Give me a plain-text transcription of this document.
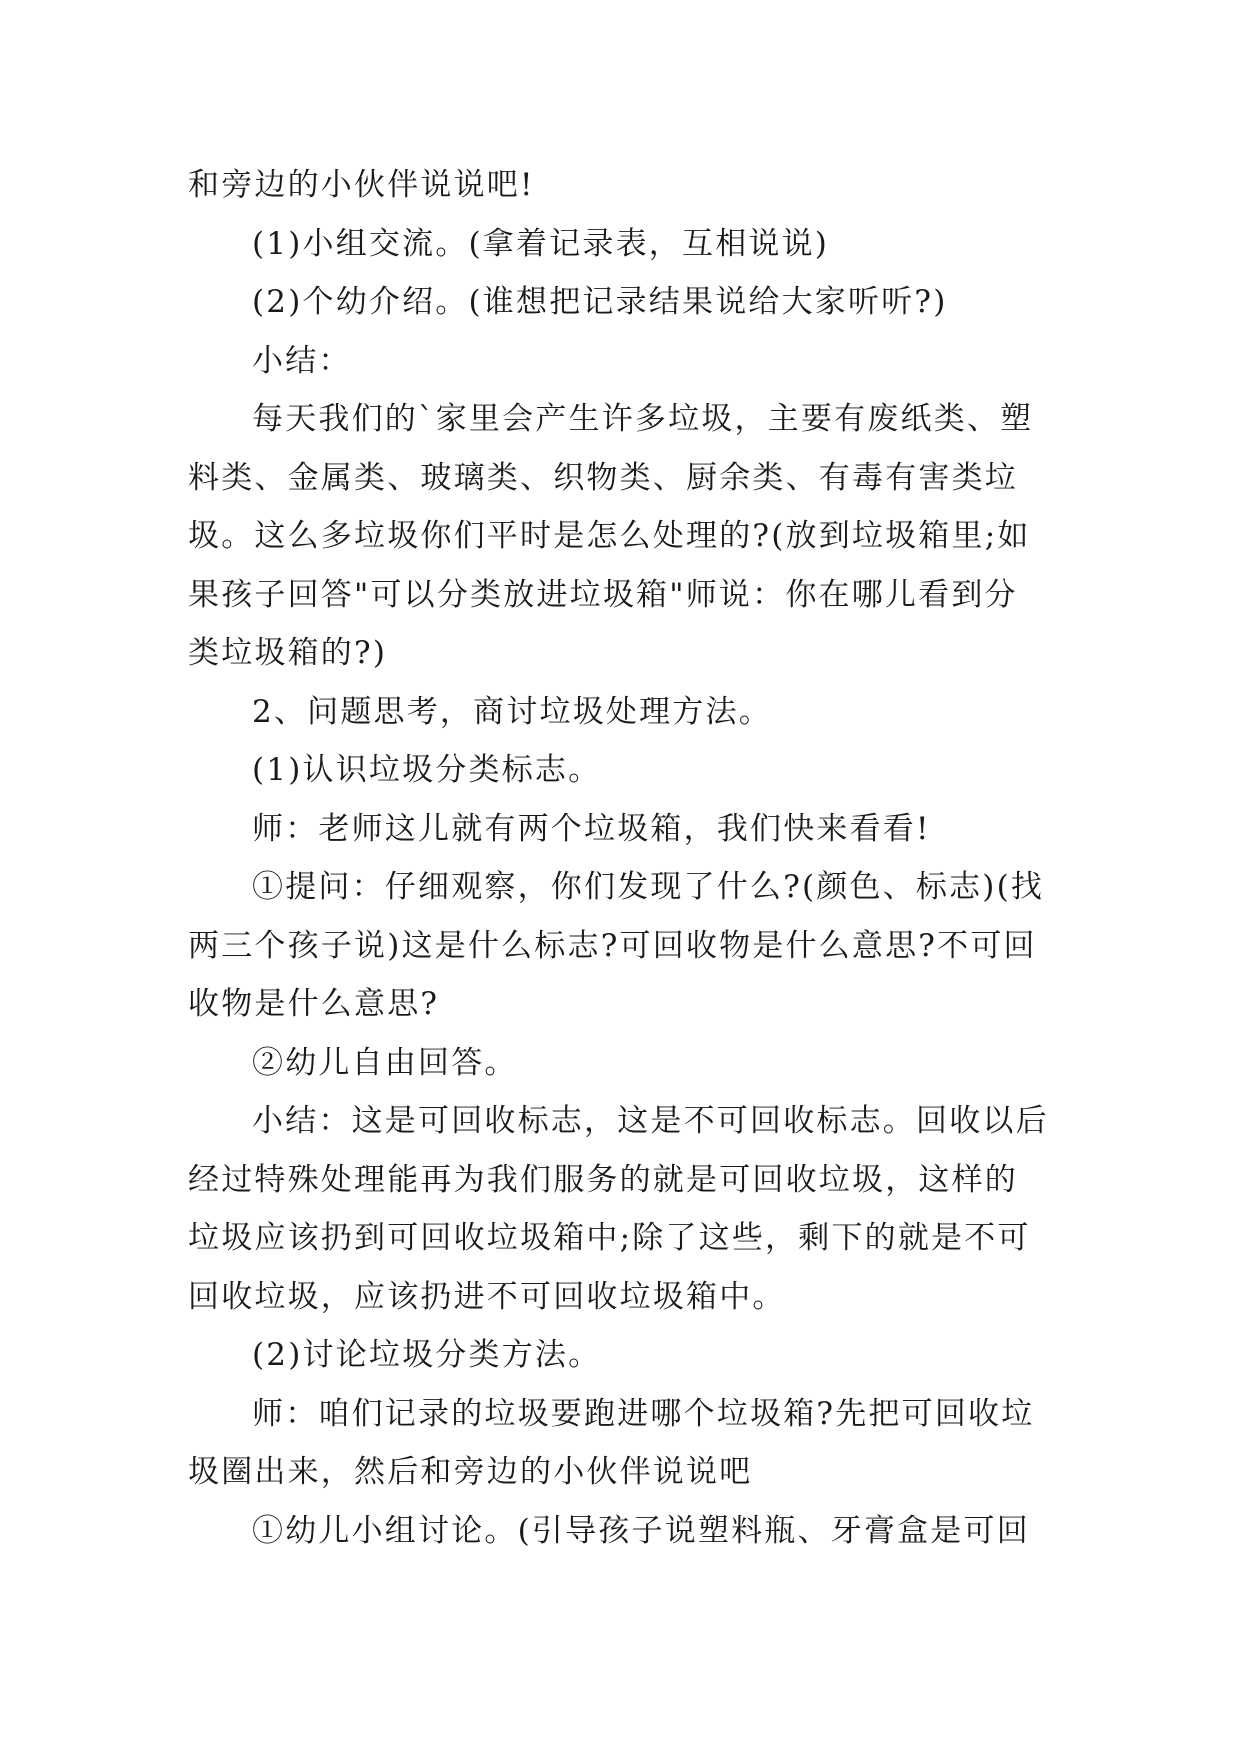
和旁边的小伙伴说说吧!

(1)小组交流。(拿着记录表，互相说说)

(2)个幼介绍。(谁想把记录结果说给大家听听?)

小结：

每天我们的`家里会产生许多垃圾，主要有废纸类、塑料类、金属类、玻璃类、织物类、厨余类、有毒有害类垃圾。这么多垃圾你们平时是怎么处理的?(放到垃圾箱里;如果孩子回答"可以分类放进垃圾箱"师说：你在哪儿看到分类垃圾箱的?)

2、问题思考，商讨垃圾处理方法。

(1)认识垃圾分类标志。

师：老师这儿就有两个垃圾箱，我们快来看看!

①提问：仔细观察，你们发现了什么?(颜色、标志)(找两三个孩子说)这是什么标志?可回收物是什么意思?不可回收物是什么意思?

②幼儿自由回答。

小结：这是可回收标志，这是不可回收标志。回收以后经过特殊处理能再为我们服务的就是可回收垃圾，这样的垃圾应该扔到可回收垃圾箱中;除了这些，剩下的就是不可回收垃圾，应该扔进不可回收垃圾箱中。

(2)讨论垃圾分类方法。

师：咱们记录的垃圾要跑进哪个垃圾箱?先把可回收垃圾圈出来，然后和旁边的小伙伴说说吧

①幼儿小组讨论。(引导孩子说塑料瓶、牙膏盒是可回
